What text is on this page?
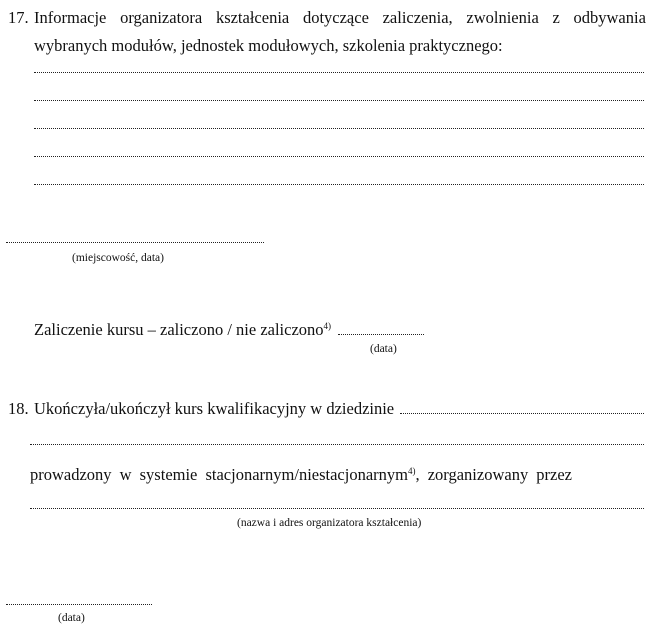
17. Informacje organizatora kształcenia dotyczące zaliczenia, zwolnienia z odbywania
wybranych modułów, jednostek modułowych, szkolenia praktycznego:
(miejscowość, data)
Zaliczenie kursu – zaliczono / nie zaliczono$^{4)}$
(data)
18. Ukończyła/ukończył kurs kwalifikacyjny w dziedzinie
prowadzony w systemie stacjonarnym/niestacjonarnym$^{4)}$, zorganizowany przez
(nazwa i adres organizatora kształcenia)
(data)
